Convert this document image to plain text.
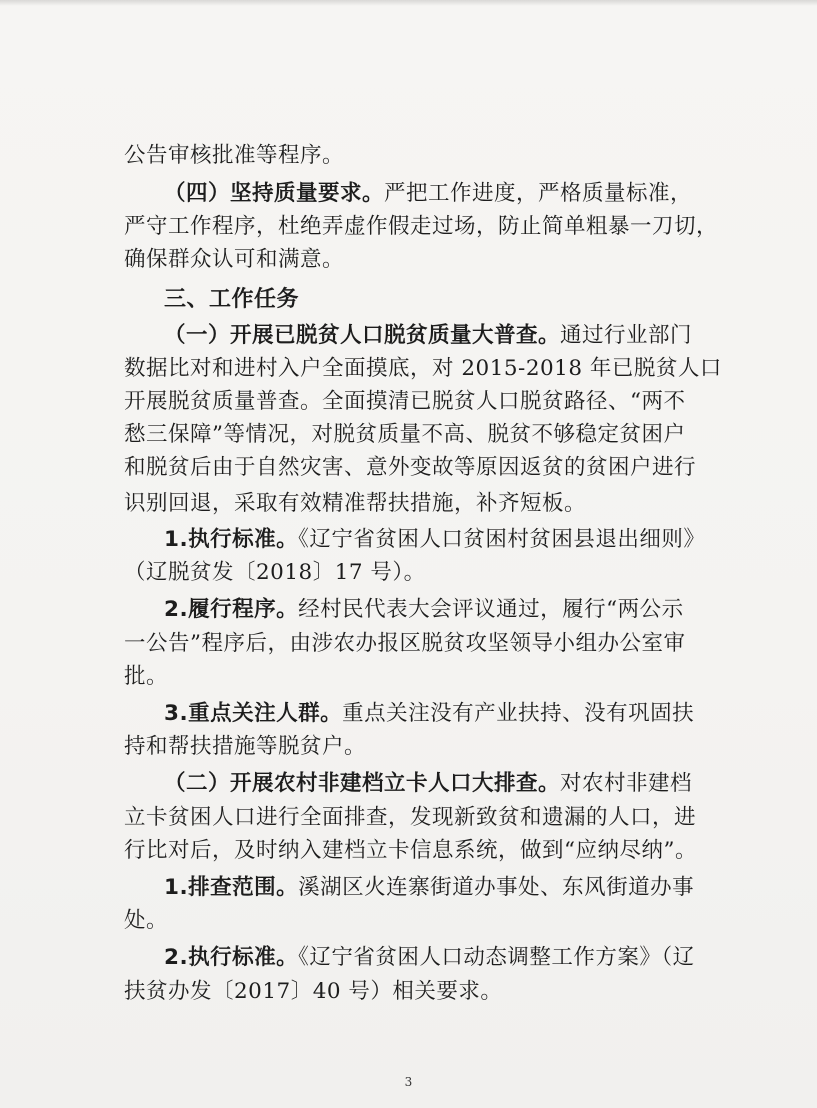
公告审核批准等程序。
（四）坚持质量要求。严把工作进度，严格质量标准，
严守工作程序，杜绝弄虚作假走过场，防止简单粗暴一刀切，
确保群众认可和满意。
三、工作任务
（一）开展已脱贫人口脱贫质量大普查。通过行业部门
数据比对和进村入户全面摸底，对 2015-2018 年已脱贫人口
开展脱贫质量普查。全面摸清已脱贫人口脱贫路径、“两不
愁三保障”等情况，对脱贫质量不高、脱贫不够稳定贫困户
和脱贫后由于自然灾害、意外变故等原因返贫的贫困户进行
识别回退，采取有效精准帮扶措施，补齐短板。
1.执行标准。《辽宁省贫困人口贫困村贫困县退出细则》
（辽脱贫发〔2018〕17 号）。
2.履行程序。经村民代表大会评议通过，履行“两公示
一公告”程序后，由涉农办报区脱贫攻坚领导小组办公室审
批。
3.重点关注人群。重点关注没有产业扶持、没有巩固扶
持和帮扶措施等脱贫户。
（二）开展农村非建档立卡人口大排查。对农村非建档
立卡贫困人口进行全面排查，发现新致贫和遗漏的人口，进
行比对后，及时纳入建档立卡信息系统，做到“应纳尽纳”。
1.排查范围。溪湖区火连寨街道办事处、东风街道办事
处。
2.执行标准。《辽宁省贫困人口动态调整工作方案》（辽
扶贫办发〔2017〕40 号）相关要求。
3
